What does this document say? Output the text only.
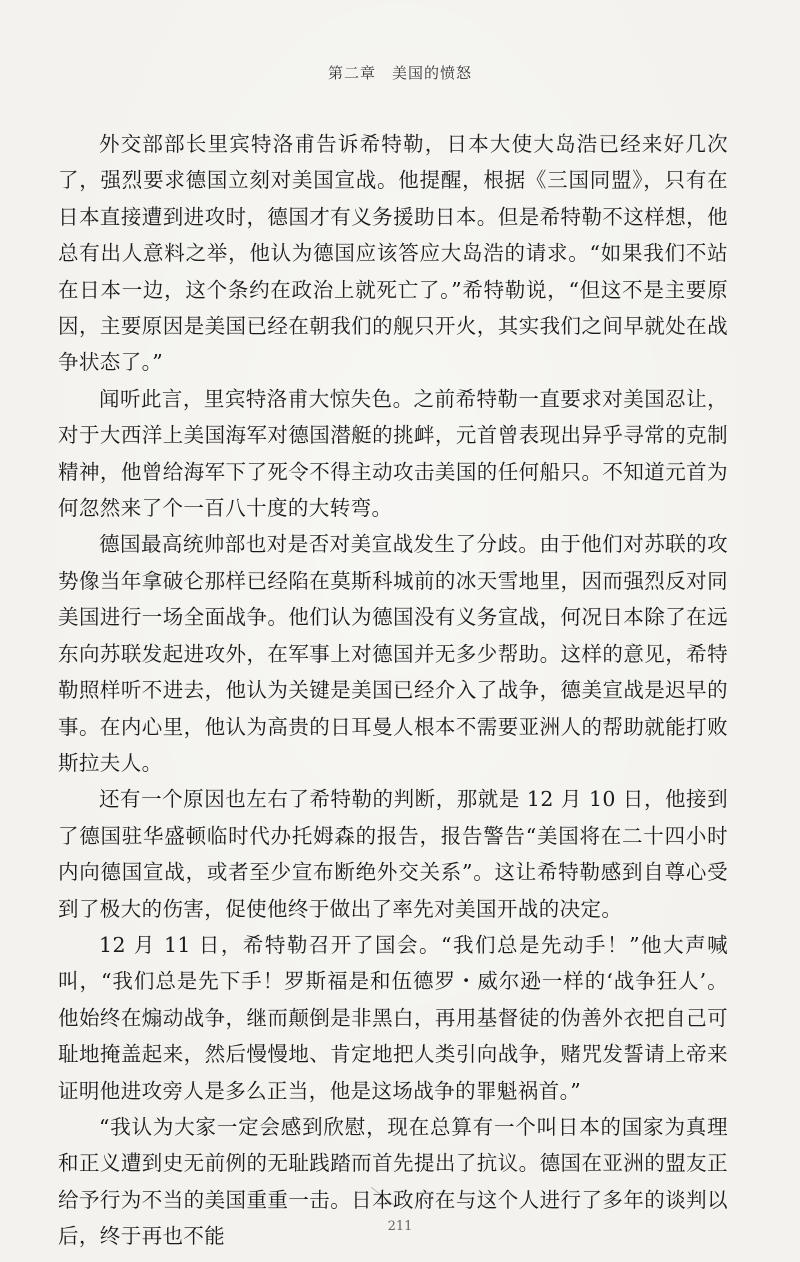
第二章　美国的愤怒

外交部部长里宾特洛甫告诉希特勒，日本大使大岛浩已经来好几次了，强烈要求德国立刻对美国宣战。他提醒，根据《三国同盟》，只有在日本直接遭到进攻时，德国才有义务援助日本。但是希特勒不这样想，他总有出人意料之举，他认为德国应该答应大岛浩的请求。“如果我们不站在日本一边，这个条约在政治上就死亡了。”希特勒说，“但这不是主要原因，主要原因是美国已经在朝我们的舰只开火，其实我们之间早就处在战争状态了。”

闻听此言，里宾特洛甫大惊失色。之前希特勒一直要求对美国忍让，对于大西洋上美国海军对德国潜艇的挑衅，元首曾表现出异乎寻常的克制精神，他曾给海军下了死令不得主动攻击美国的任何船只。不知道元首为何忽然来了个一百八十度的大转弯。

德国最高统帅部也对是否对美宣战发生了分歧。由于他们对苏联的攻势像当年拿破仑那样已经陷在莫斯科城前的冰天雪地里，因而强烈反对同美国进行一场全面战争。他们认为德国没有义务宣战，何况日本除了在远东向苏联发起进攻外，在军事上对德国并无多少帮助。这样的意见，希特勒照样听不进去，他认为关键是美国已经介入了战争，德美宣战是迟早的事。在内心里，他认为高贵的日耳曼人根本不需要亚洲人的帮助就能打败斯拉夫人。

还有一个原因也左右了希特勒的判断，那就是 12 月 10 日，他接到了德国驻华盛顿临时代办托姆森的报告，报告警告“美国将在二十四小时内向德国宣战，或者至少宣布断绝外交关系”。这让希特勒感到自尊心受到了极大的伤害，促使他终于做出了率先对美国开战的决定。

12 月 11 日，希特勒召开了国会。“我们总是先动手！”他大声喊叫，“我们总是先下手！罗斯福是和伍德罗・威尔逊一样的‘战争狂人’。他始终在煽动战争，继而颠倒是非黑白，再用基督徒的伪善外衣把自己可耻地掩盖起来，然后慢慢地、肯定地把人类引向战争，赌咒发誓请上帝来证明他进攻旁人是多么正当，他是这场战争的罪魁祸首。”

“我认为大家一定会感到欣慰，现在总算有一个叫日本的国家为真理和正义遭到史无前例的无耻践踏而首先提出了抗议。德国在亚洲的盟友正给予行为不当的美国重重一击。日本政府在与这个人进行了多年的谈判以后，终于再也不能	211
